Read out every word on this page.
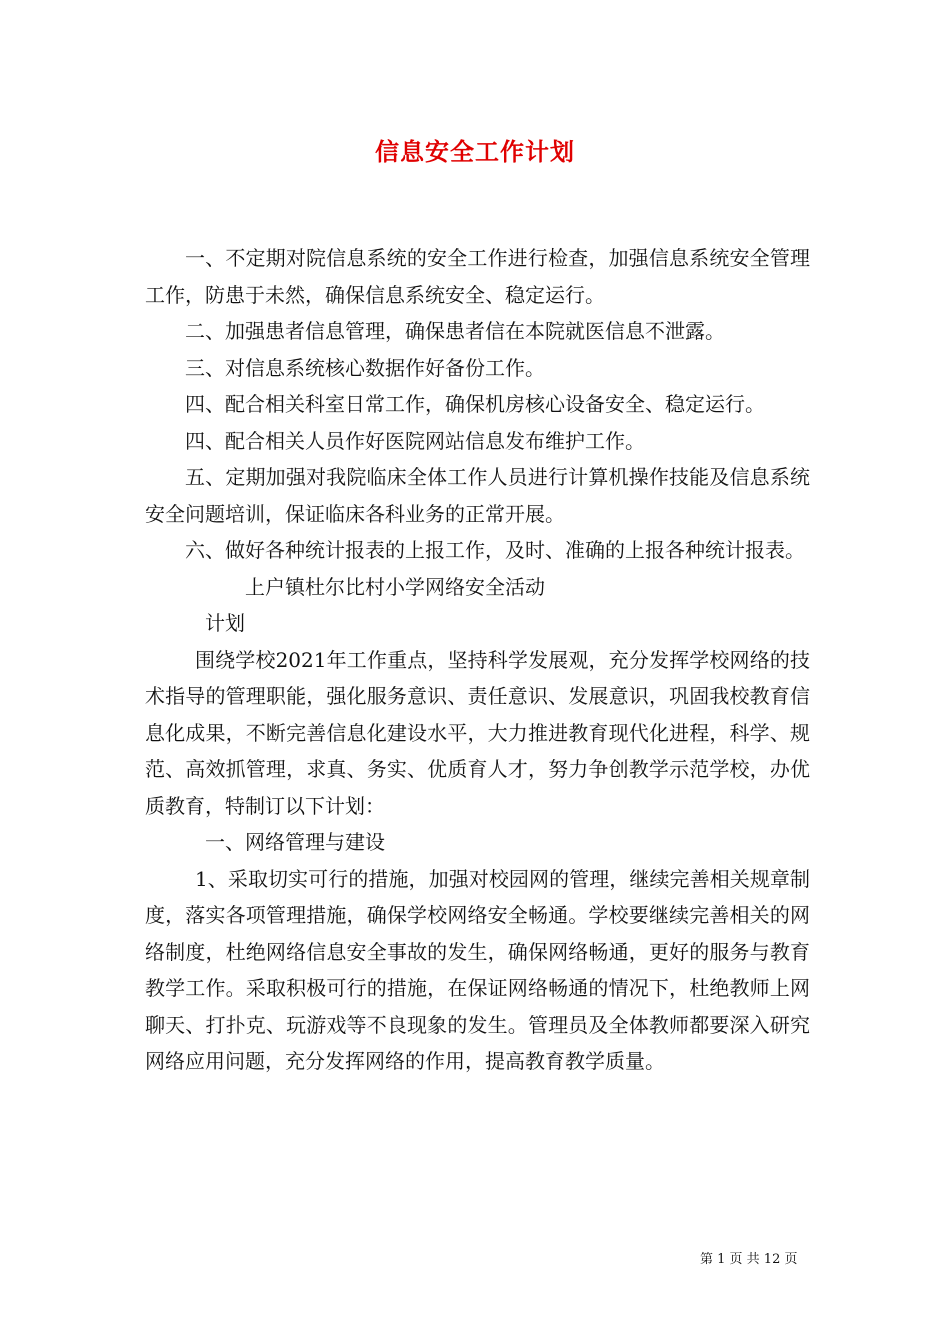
信息安全工作计划

一、不定期对院信息系统的安全工作进行检查，加强信息系统安全管理工作，防患于未然，确保信息系统安全、稳定运行。

二、加强患者信息管理，确保患者信在本院就医信息不泄露。

三、对信息系统核心数据作好备份工作。

四、配合相关科室日常工作，确保机房核心设备安全、稳定运行。

四、配合相关人员作好医院网站信息发布维护工作。

五、定期加强对我院临床全体工作人员进行计算机操作技能及信息系统安全问题培训，保证临床各科业务的正常开展。

六、做好各种统计报表的上报工作，及时、准确的上报各种统计报表。

上户镇杜尔比村小学网络安全活动

计划

围绕学校2021年工作重点，坚持科学发展观，充分发挥学校网络的技术指导的管理职能，强化服务意识、责任意识、发展意识，巩固我校教育信息化成果，不断完善信息化建设水平，大力推进教育现代化进程，科学、规范、高效抓管理，求真、务实、优质育人才，努力争创教学示范学校，办优质教育，特制订以下计划：

一、网络管理与建设

1、采取切实可行的措施，加强对校园网的管理，继续完善相关规章制度，落实各项管理措施，确保学校网络安全畅通。学校要继续完善相关的网络制度，杜绝网络信息安全事故的发生，确保网络畅通，更好的服务与教育教学工作。采取积极可行的措施，在保证网络畅通的情况下，杜绝教师上网聊天、打扑克、玩游戏等不良现象的发生。管理员及全体教师都要深入研究网络应用问题，充分发挥网络的作用，提高教育教学质量。

第 1 页 共 12 页
